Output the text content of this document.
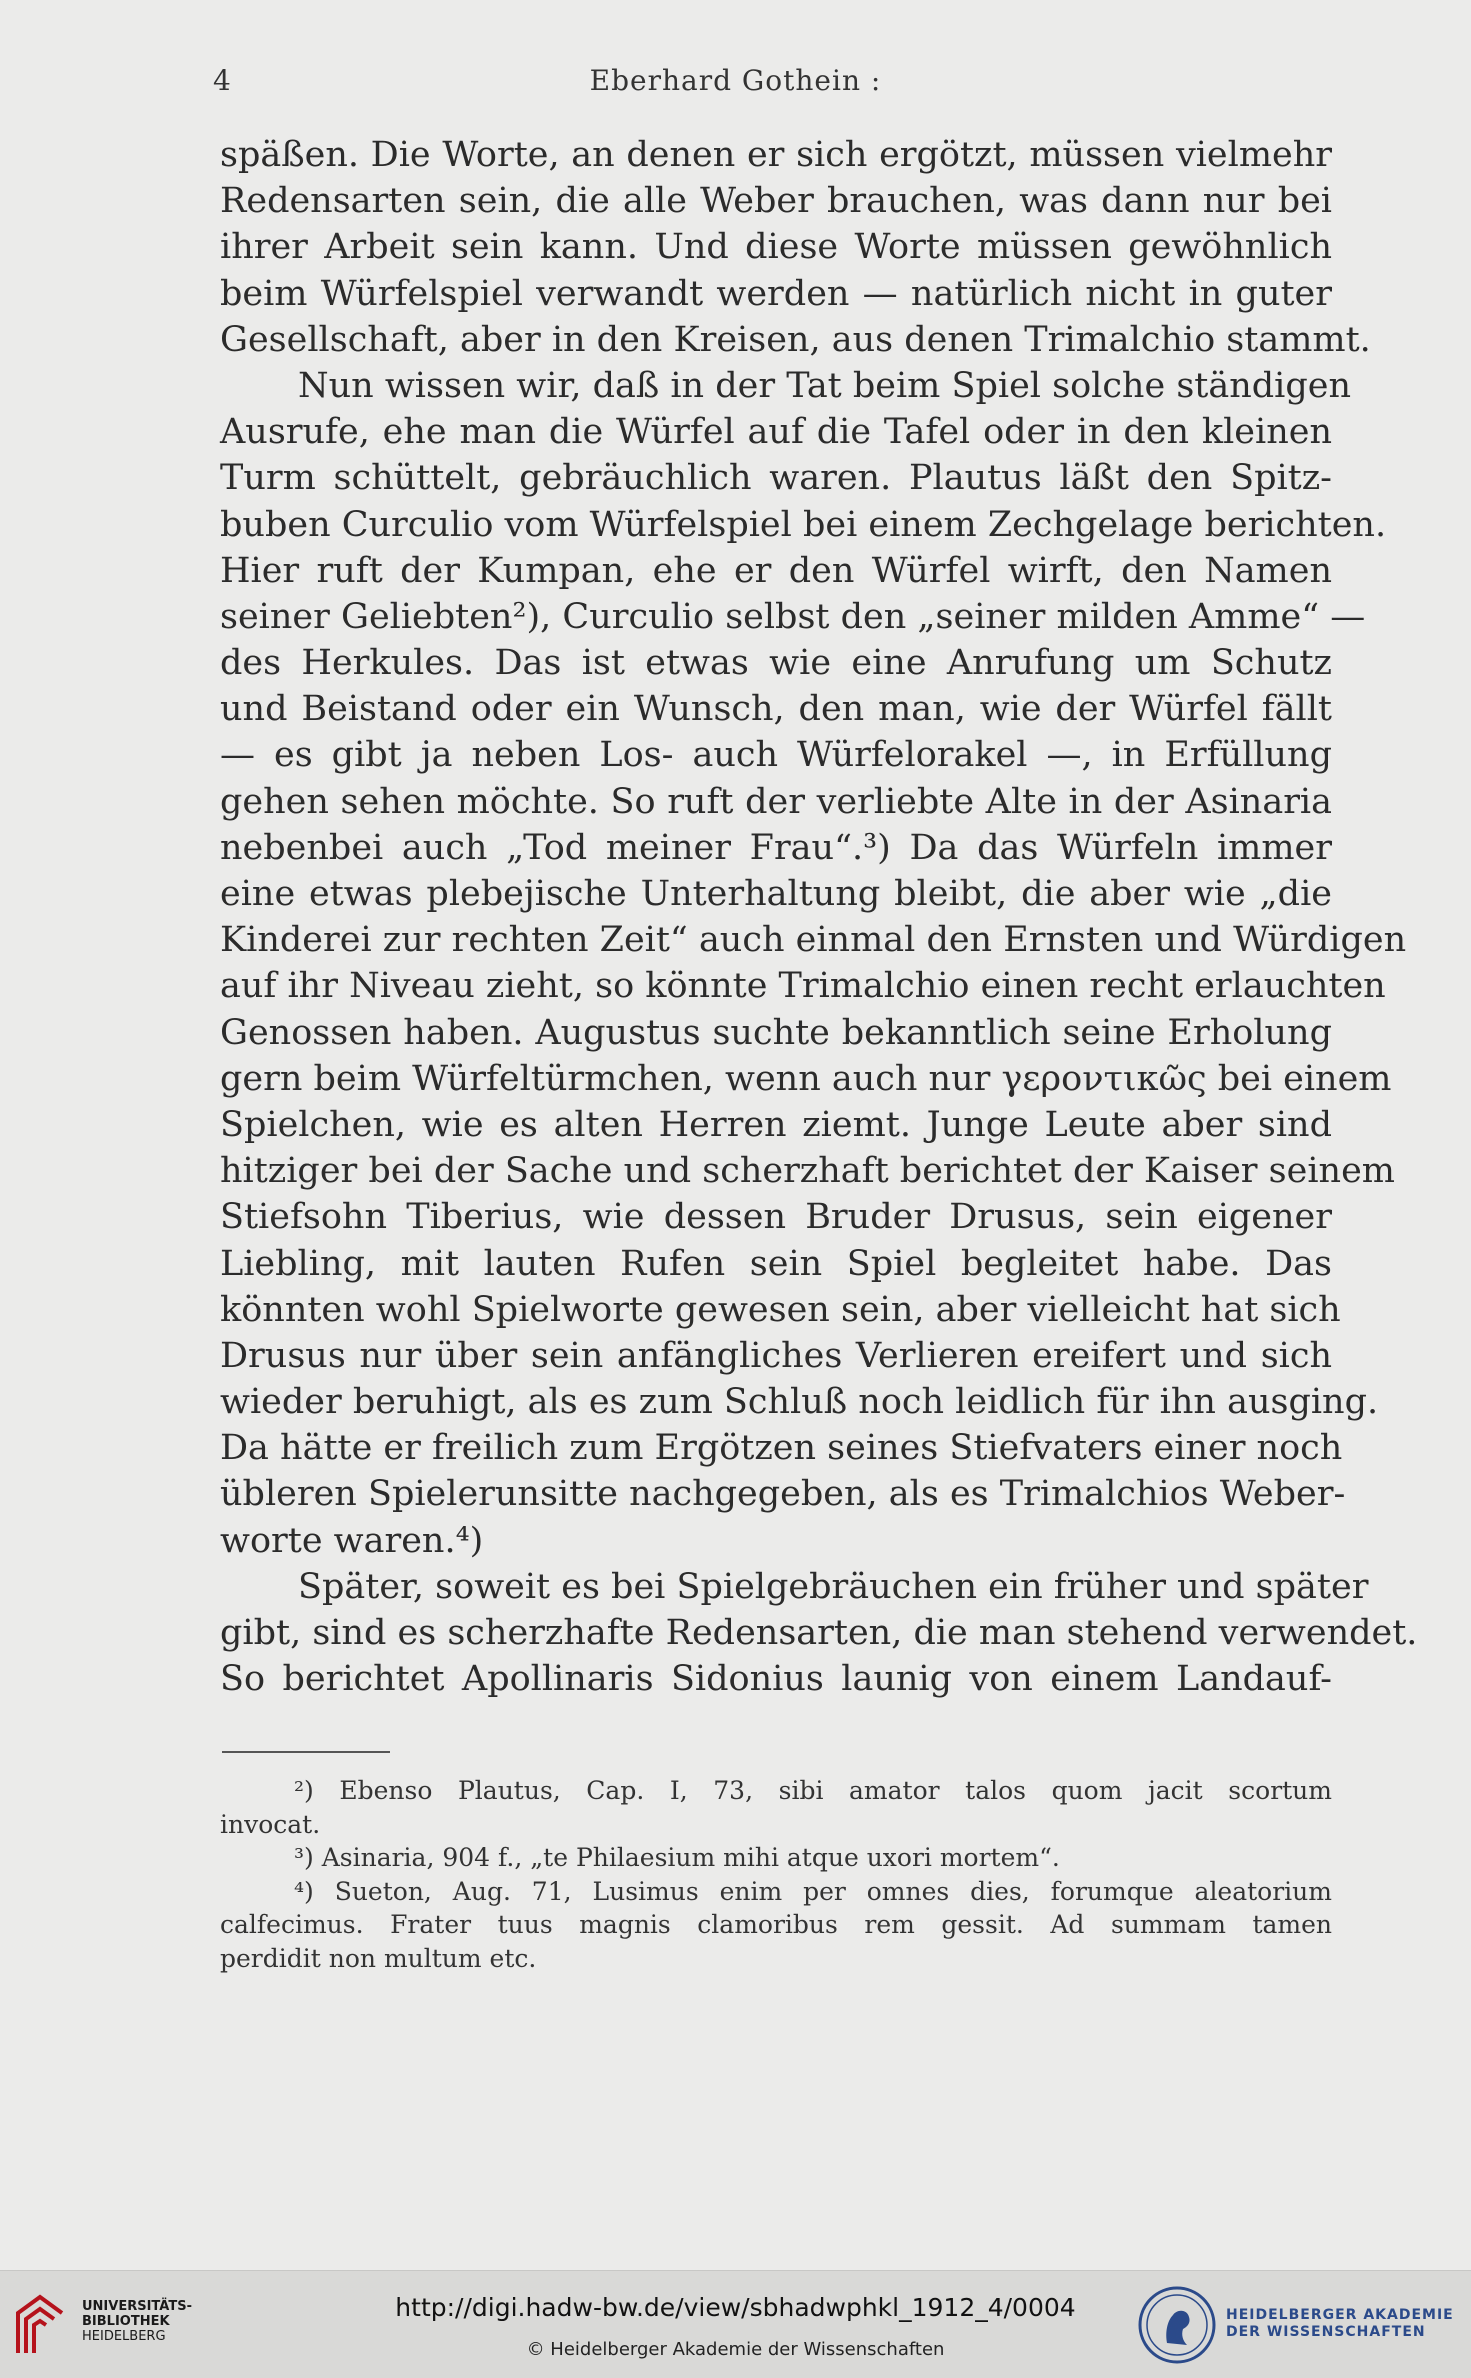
4	Eberhard Gothein :
späßen. Die Worte, an denen er sich ergötzt, müssen vielmehr
Redensarten sein, die alle Weber brauchen, was dann nur bei
ihrer Arbeit sein kann. Und diese Worte müssen gewöhnlich
beim Würfelspiel verwandt werden — natürlich nicht in guter
Gesellschaft, aber in den Kreisen, aus denen Trimalchio stammt.
Nun wissen wir, daß in der Tat beim Spiel solche ständigen
Ausrufe, ehe man die Würfel auf die Tafel oder in den kleinen
Turm schüttelt, gebräuchlich waren. Plautus läßt den Spitz-
buben Curculio vom Würfelspiel bei einem Zechgelage berichten.
Hier ruft der Kumpan, ehe er den Würfel wirft, den Namen
seiner Geliebten²), Curculio selbst den „seiner milden Amme“ —
des Herkules. Das ist etwas wie eine Anrufung um Schutz
und Beistand oder ein Wunsch, den man, wie der Würfel fällt
— es gibt ja neben Los- auch Würfelorakel —, in Erfüllung
gehen sehen möchte. So ruft der verliebte Alte in der Asinaria
nebenbei auch „Tod meiner Frau“.³) Da das Würfeln immer
eine etwas plebejische Unterhaltung bleibt, die aber wie „die
Kinderei zur rechten Zeit“ auch einmal den Ernsten und Würdigen
auf ihr Niveau zieht, so könnte Trimalchio einen recht erlauchten
Genossen haben. Augustus suchte bekanntlich seine Erholung
gern beim Würfeltürmchen, wenn auch nur γεροντικῶς bei einem
Spielchen, wie es alten Herren ziemt. Junge Leute aber sind
hitziger bei der Sache und scherzhaft berichtet der Kaiser seinem
Stiefsohn Tiberius, wie dessen Bruder Drusus, sein eigener
Liebling, mit lauten Rufen sein Spiel begleitet habe. Das
könnten wohl Spielworte gewesen sein, aber vielleicht hat sich
Drusus nur über sein anfängliches Verlieren ereifert und sich
wieder beruhigt, als es zum Schluß noch leidlich für ihn ausging.
Da hätte er freilich zum Ergötzen seines Stiefvaters einer noch
übleren Spielerunsitte nachgegeben, als es Trimalchios Weber-
worte waren.⁴)
Später, soweit es bei Spielgebräuchen ein früher und später
gibt, sind es scherzhafte Redensarten, die man stehend verwendet.
So berichtet Apollinaris Sidonius launig von einem Landauf-
²) Ebenso Plautus, Cap. I, 73, sibi amator talos quom jacit scortum
invocat.
³) Asinaria, 904 f., „te Philaesium mihi atque uxori mortem“.
⁴) Sueton, Aug. 71, Lusimus enim per omnes dies, forumque aleatorium
calfecimus. Frater tuus magnis clamoribus rem gessit. Ad summam tamen
perdidit non multum etc.
UNIVERSITÄTS-
BIBLIOTHEK
HEIDELBERG
http://digi.hadw-bw.de/view/sbhadwphkl_1912_4/0004
© Heidelberger Akademie der Wissenschaften
HEIDELBERGER AKADEMIE
DER WISSENSCHAFTEN
